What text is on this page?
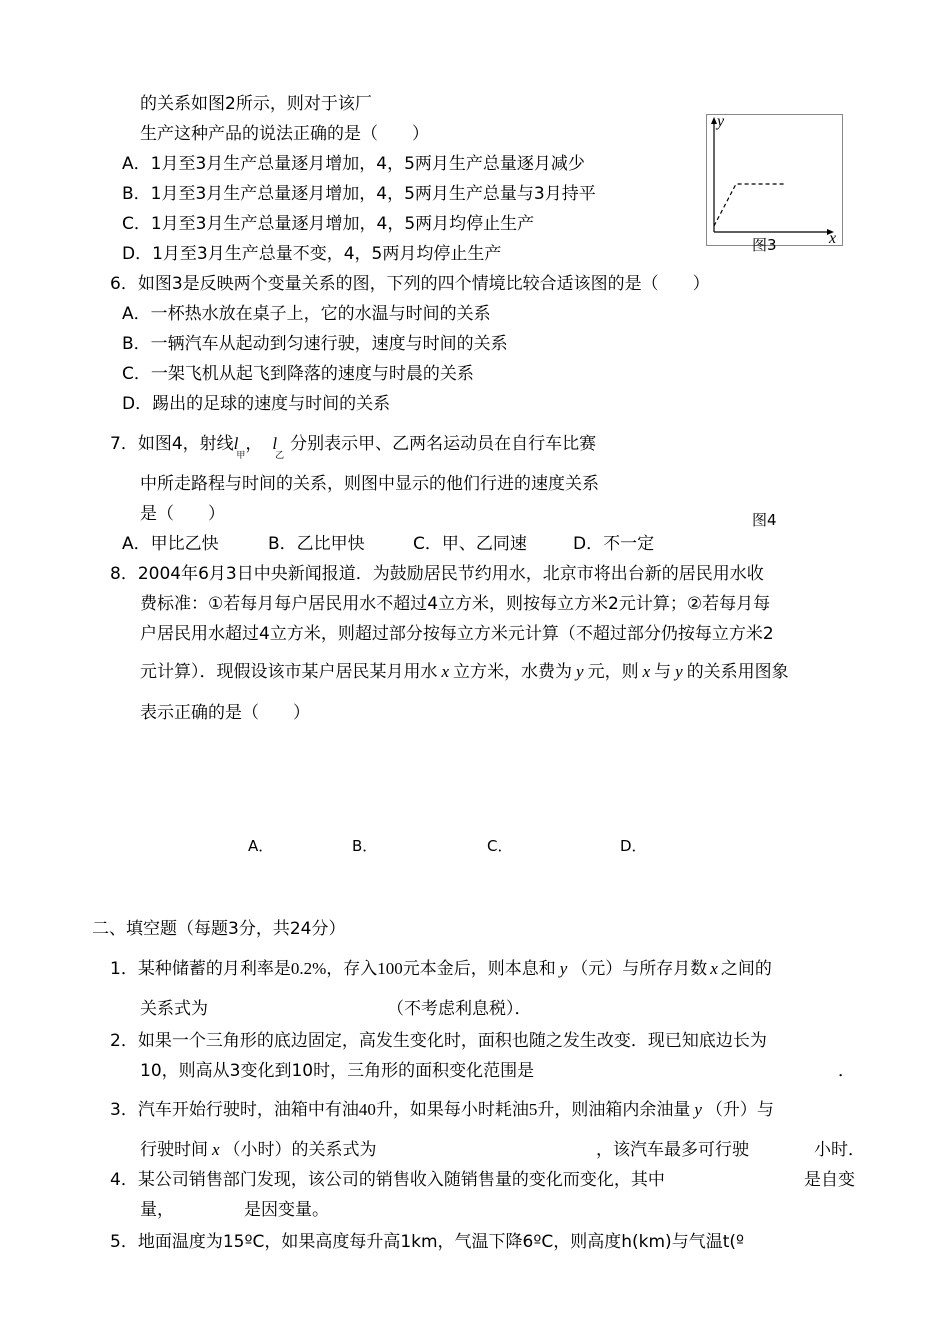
的关系如图2所示，则对于该厂
生产这种产品的说法正确的是（　　）
A．1月至3月生产总量逐月增加，4，5两月生产总量逐月减少
B．1月至3月生产总量逐月增加，4，5两月生产总量与3月持平
C．1月至3月生产总量逐月增加，4，5两月均停止生产
D．1月至3月生产总量不变，4，5两月均停止生产
y
x
图3
6．如图3是反映两个变量关系的图，下列的四个情境比较合适该图的是（　　）
A．一杯热水放在桌子上，它的水温与时间的关系
B．一辆汽车从起动到匀速行驶，速度与时间的关系
C．一架飞机从起飞到降落的速度与时晨的关系
D．踢出的足球的速度与时间的关系
7．如图4，射线$l_甲$， $l_乙$分别表示甲、乙两名运动员在自行车比赛
中所走路程与时间的关系，则图中显示的他们行进的速度关系
是（　　）	图4
A．甲比乙快	B．乙比甲快	C．甲、乙同速	D．不一定
8．2004年6月3日中央新闻报道．为鼓励居民节约用水，北京市将出台新的居民用水收
费标准：①若每月每户居民用水不超过4立方米，则按每立方米2元计算；②若每月每
户居民用水超过4立方米，则超过部分按每立方米元计算（不超过部分仍按每立方米2
元计算）．现假设该市某户居民某月用水 x 立方米，水费为 y 元，则 x 与 y 的关系用图象
表示正确的是（　　）
A．	B．	C．	D．
二、填空题（每题3分，共24分）
1．某种储蓄的月利率是0.2%，存入100元本金后，则本息和 y （元）与所存月数 x 之间的
关系式为	（不考虑利息税）．
2．如果一个三角形的底边固定，高发生变化时，面积也随之发生改变．现已知底边长为
10，则高从3变化到10时，三角形的面积变化范围是	．
3．汽车开始行驶时，油箱中有油40升，如果每小时耗油5升，则油箱内余油量 y （升）与
行驶时间 x （小时）的关系式为	，该汽车最多可行驶	小时．
4．某公司销售部门发现，该公司的销售收入随销售量的变化而变化，其中	是自变
量，	是因变量。
5．地面温度为15ºC，如果高度每升高1km，气温下降6ºC，则高度h(km)与气温t(º
